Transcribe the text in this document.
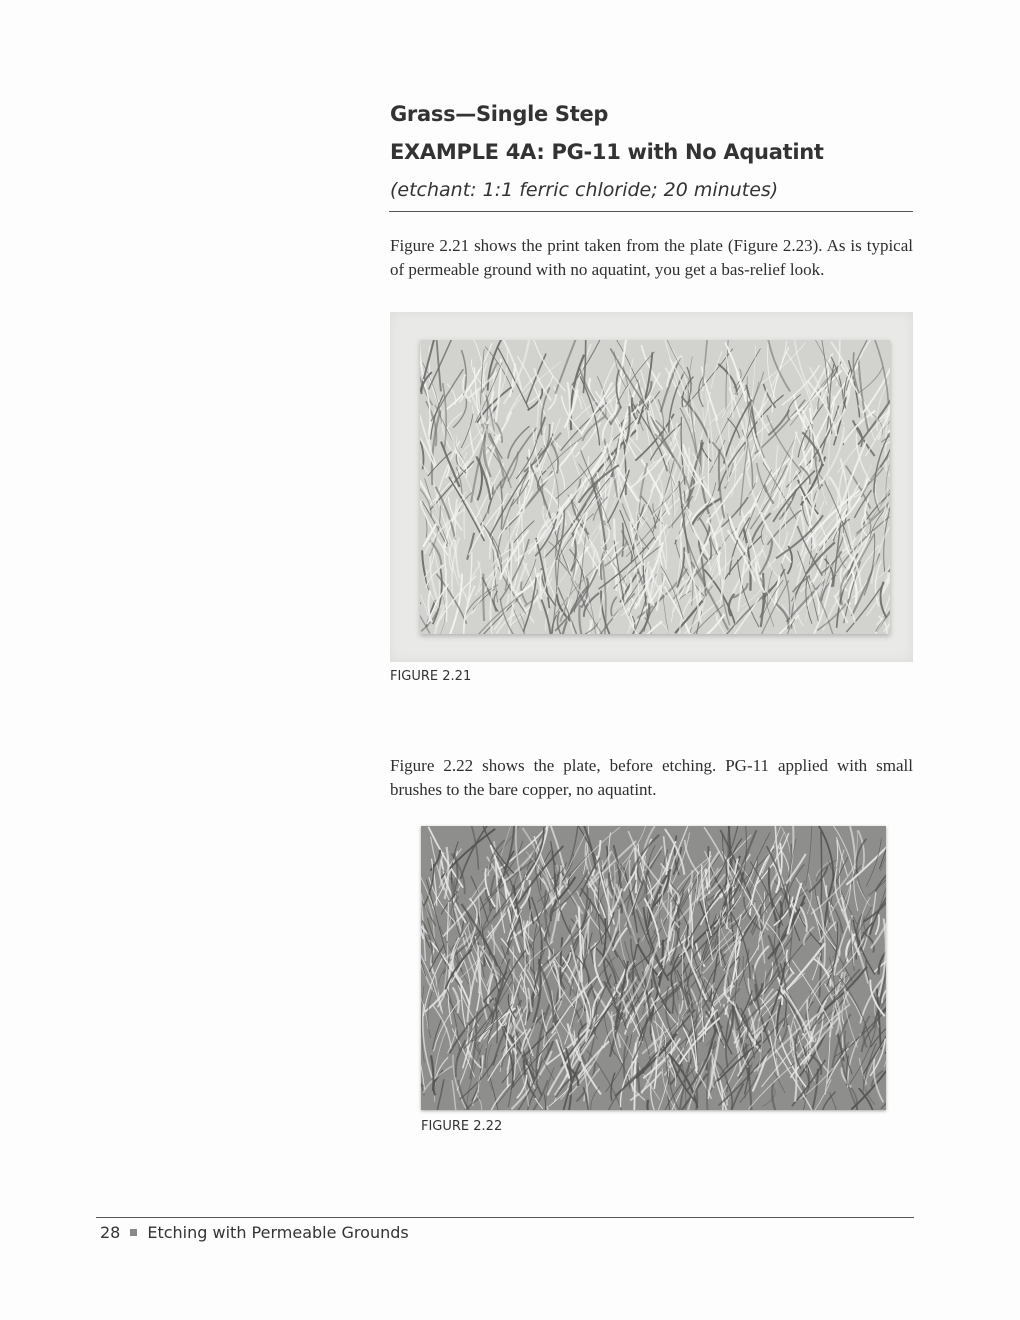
Grass—Single Step
EXAMPLE 4A: PG-11 with No Aquatint
(etchant: 1:1 ferric chloride; 20 minutes)

Figure 2.21 shows the print taken from the plate (Figure 2.23). As is typical of permeable ground with no aquatint, you get a bas-relief look.

FIGURE 2.21

Figure 2.22 shows the plate, before etching. PG-11 applied with small brushes to the bare copper, no aquatint.

FIGURE 2.22
28 Etching with Permeable Grounds
